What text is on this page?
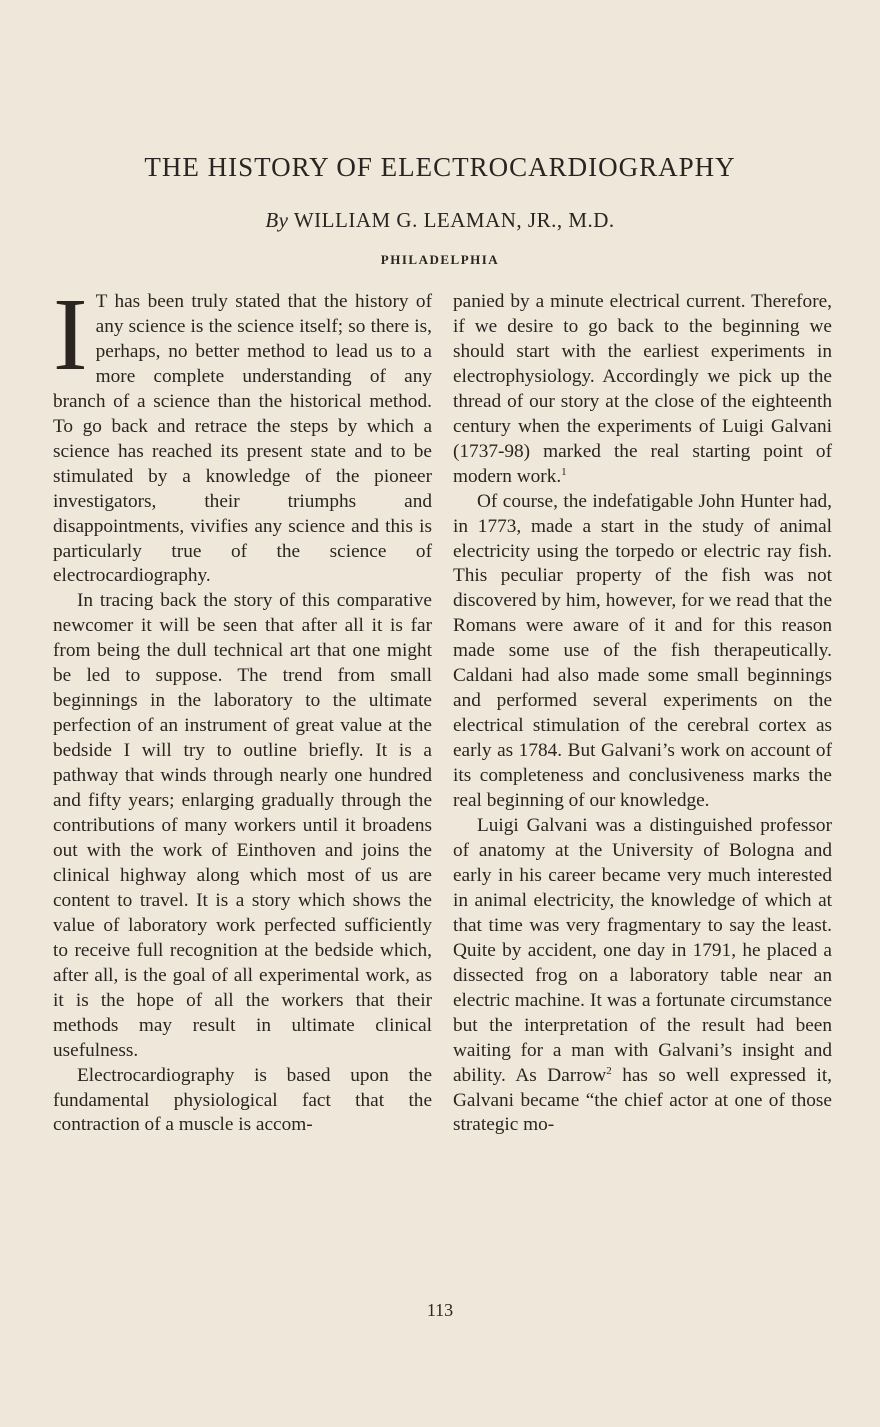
THE HISTORY OF ELECTROCARDIOGRAPHY
By WILLIAM G. LEAMAN, JR., M.D.
PHILADELPHIA

I T has been truly stated that the history of any science is the science itself; so there is, perhaps, no better method to lead us to a more complete understanding of any branch of a science than the historical method. To go back and retrace the steps by which a science has reached its present state and to be stimulated by a knowledge of the pioneer investigators, their triumphs and disappointments, vivifies any science and this is particularly true of the science of electrocardiography.

In tracing back the story of this comparative newcomer it will be seen that after all it is far from being the dull technical art that one might be led to suppose. The trend from small beginnings in the laboratory to the ultimate perfection of an instrument of great value at the bedside I will try to outline briefly. It is a pathway that winds through nearly one hundred and fifty years; enlarging gradually through the contributions of many workers until it broadens out with the work of Einthoven and joins the clinical highway along which most of us are content to travel. It is a story which shows the value of laboratory work perfected sufficiently to receive full recognition at the bedside which, after all, is the goal of all experimental work, as it is the hope of all the workers that their methods may result in ultimate clinical usefulness.

Electrocardiography is based upon the fundamental physiological fact that the contraction of a muscle is accom-

panied by a minute electrical current. Therefore, if we desire to go back to the beginning we should start with the earliest experiments in electrophysiology. Accordingly we pick up the thread of our story at the close of the eighteenth century when the experiments of Luigi Galvani (1737-98) marked the real starting point of modern work.$^1$

Of course, the indefatigable John Hunter had, in 1773, made a start in the study of animal electricity using the torpedo or electric ray fish. This peculiar property of the fish was not discovered by him, however, for we read that the Romans were aware of it and for this reason made some use of the fish therapeutically. Caldani had also made some small beginnings and performed several experiments on the electrical stimulation of the cerebral cortex as early as 1784. But Galvani’s work on account of its completeness and conclusiveness marks the real beginning of our knowledge.

Luigi Galvani was a distinguished professor of anatomy at the University of Bologna and early in his career became very much interested in animal electricity, the knowledge of which at that time was very fragmentary to say the least. Quite by accident, one day in 1791, he placed a dissected frog on a laboratory table near an electric machine. It was a fortunate circumstance but the interpretation of the result had been waiting for a man with Galvani’s insight and ability. As Darrow$^2$ has so well expressed it, Galvani became “the chief actor at one of those strategic mo-

113
